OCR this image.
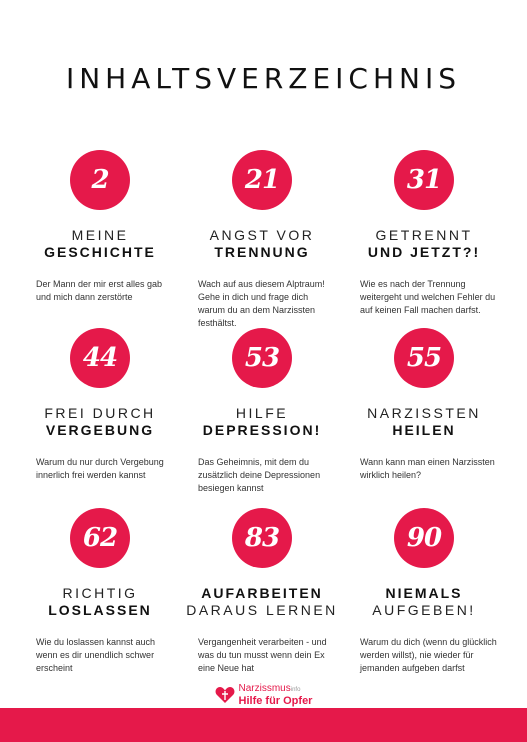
INHALTSVERZEICHNIS
2
MEINE
GESCHICHTE

Der Mann der mir erst alles gab und mich dann zerstörte

21
ANGST VOR
TRENNUNG

Wach auf aus diesem Alptraum! Gehe in dich und frage dich warum du an dem Narzissten festhältst.

31
GETRENNT
UND JETZT?!

Wie es nach der Trennung weitergeht und welchen Fehler du auf keinen Fall machen darfst.

44
FREI DURCH
VERGEBUNG

Warum du nur durch Vergebung innerlich frei werden kannst

53
HILFE
DEPRESSION!

Das Geheimnis, mit dem du zusätzlich deine Depressionen besiegen kannst

55
NARZISSTEN
HEILEN

Wann kann man einen Narzissten wirklich heilen?

62
RICHTIG
LOSLASSEN

Wie du loslassen kannst auch wenn es dir unendlich schwer erscheint

83
AUFARBEITEN
DARAUS LERNEN

Vergangenheit verarbeiten - und was du tun musst wenn dein Ex eine Neue hat

90
NIEMALS
AUFGEBEN!

Warum du dich (wenn du glücklich werden willst), nie wieder für jemanden aufgeben darfst

Narzissmusinfo
Hilfe für Opfer
